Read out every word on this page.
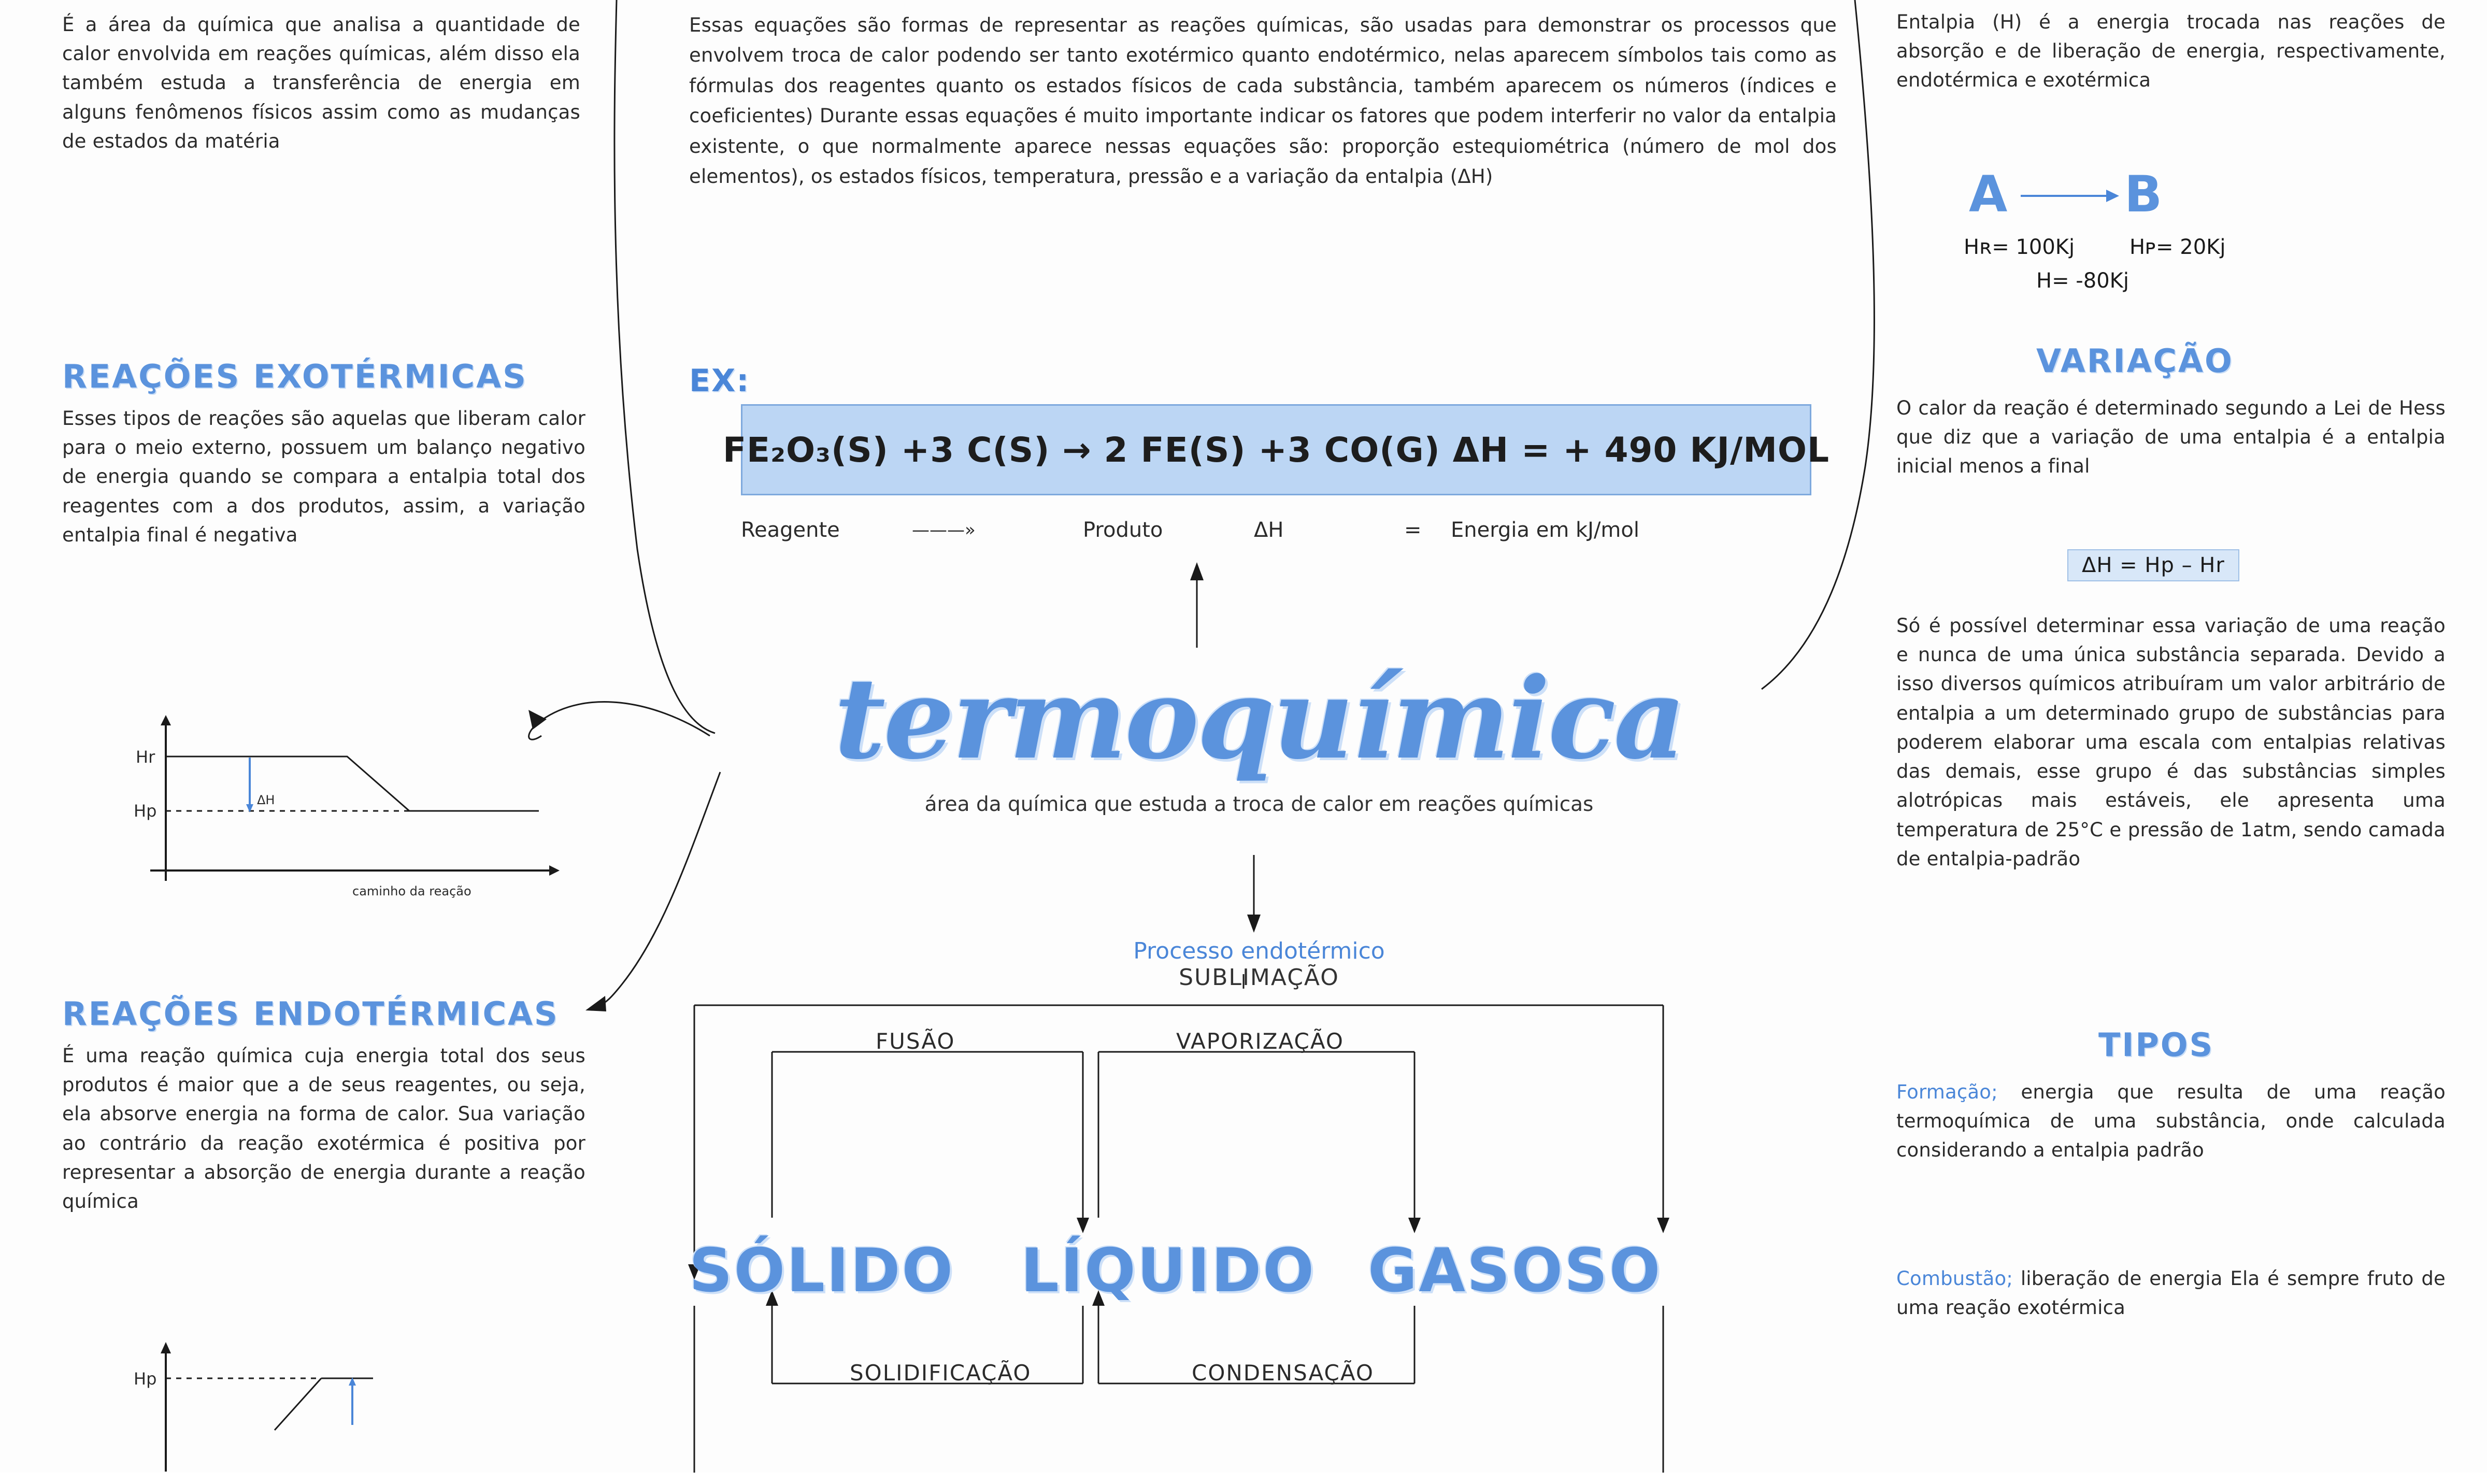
É a área da química que analisa a quantidade de calor envolvida em reações químicas, além disso ela também estuda a transferência de energia em alguns fenômenos físicos assim como as mudanças de estados da matéria
REAÇÕES EXOTÉRMICAS
Esses tipos de reações são aquelas que liberam calor para o meio externo, possuem um balanço negativo de energia quando se compara a entalpia total dos reagentes com a dos produtos, assim, a variação entalpia final é negativa
Hr
Hp
ΔH
caminho da reação
REAÇÕES ENDOTÉRMICAS
É uma reação química cuja energia total dos seus produtos é maior que a de seus reagentes, ou seja, ela absorve energia na forma de calor. Sua variação ao contrário da reação exotérmica é positiva por representar a absorção de energia durante a reação química
Hp
Essas equações são formas de representar as reações químicas, são usadas para demonstrar os processos que envolvem troca de calor podendo ser tanto exotérmico quanto endotérmico, nelas aparecem símbolos tais como as fórmulas dos reagentes quanto os estados físicos de cada substância, também aparecem os números (índices e coeficientes) Durante essas equações é muito importante indicar os fatores que podem interferir no valor da entalpia existente, o que normalmente aparece nessas equações são: proporção estequiométrica (número de mol dos elementos), os estados físicos, temperatura, pressão e a variação da entalpia (ΔH)
EX:
FE₂O₃(S) +3 C(S) → 2 FE(S) +3 CO(G) ΔH = + 490 KJ/MOL
Reagente	———»	Produto	ΔH	=	Energia em kJ/mol
termoquímica
área da química que estuda a troca de calor em reações químicas
Processo endotérmico
SUBLIMAÇÃO
FUSÃO	VAPORIZAÇÃO
SOLIDIFICAÇÃO	CONDENSAÇÃO
SÓLIDO LÍQUIDO GASOSO
Entalpia (H) é a energia trocada nas reações de absorção e de liberação de energia, respectivamente, endotérmica e exotérmica
A B
Hʀ= 100Kj	Hᴘ= 20Kj
H= -80Kj
VARIAÇÃO
O calor da reação é determinado segundo a Lei de Hess que diz que a variação de uma entalpia é a entalpia inicial menos a final
ΔH = Hp – Hr
Só é possível determinar essa variação de uma reação e nunca de uma única substância separada. Devido a isso diversos químicos atribuíram um valor arbitrário de entalpia a um determinado grupo de substâncias para poderem elaborar uma escala com entalpias relativas das demais, esse grupo é das substâncias simples alotrópicas mais estáveis, ele apresenta uma temperatura de 25°C e pressão de 1atm, sendo camada de entalpia-padrão
TIPOS
Formação; energia que resulta de uma reação termoquímica de uma substância, onde calculada considerando a entalpia padrão
Combustão; liberação de energia Ela é sempre fruto de uma reação exotérmica
